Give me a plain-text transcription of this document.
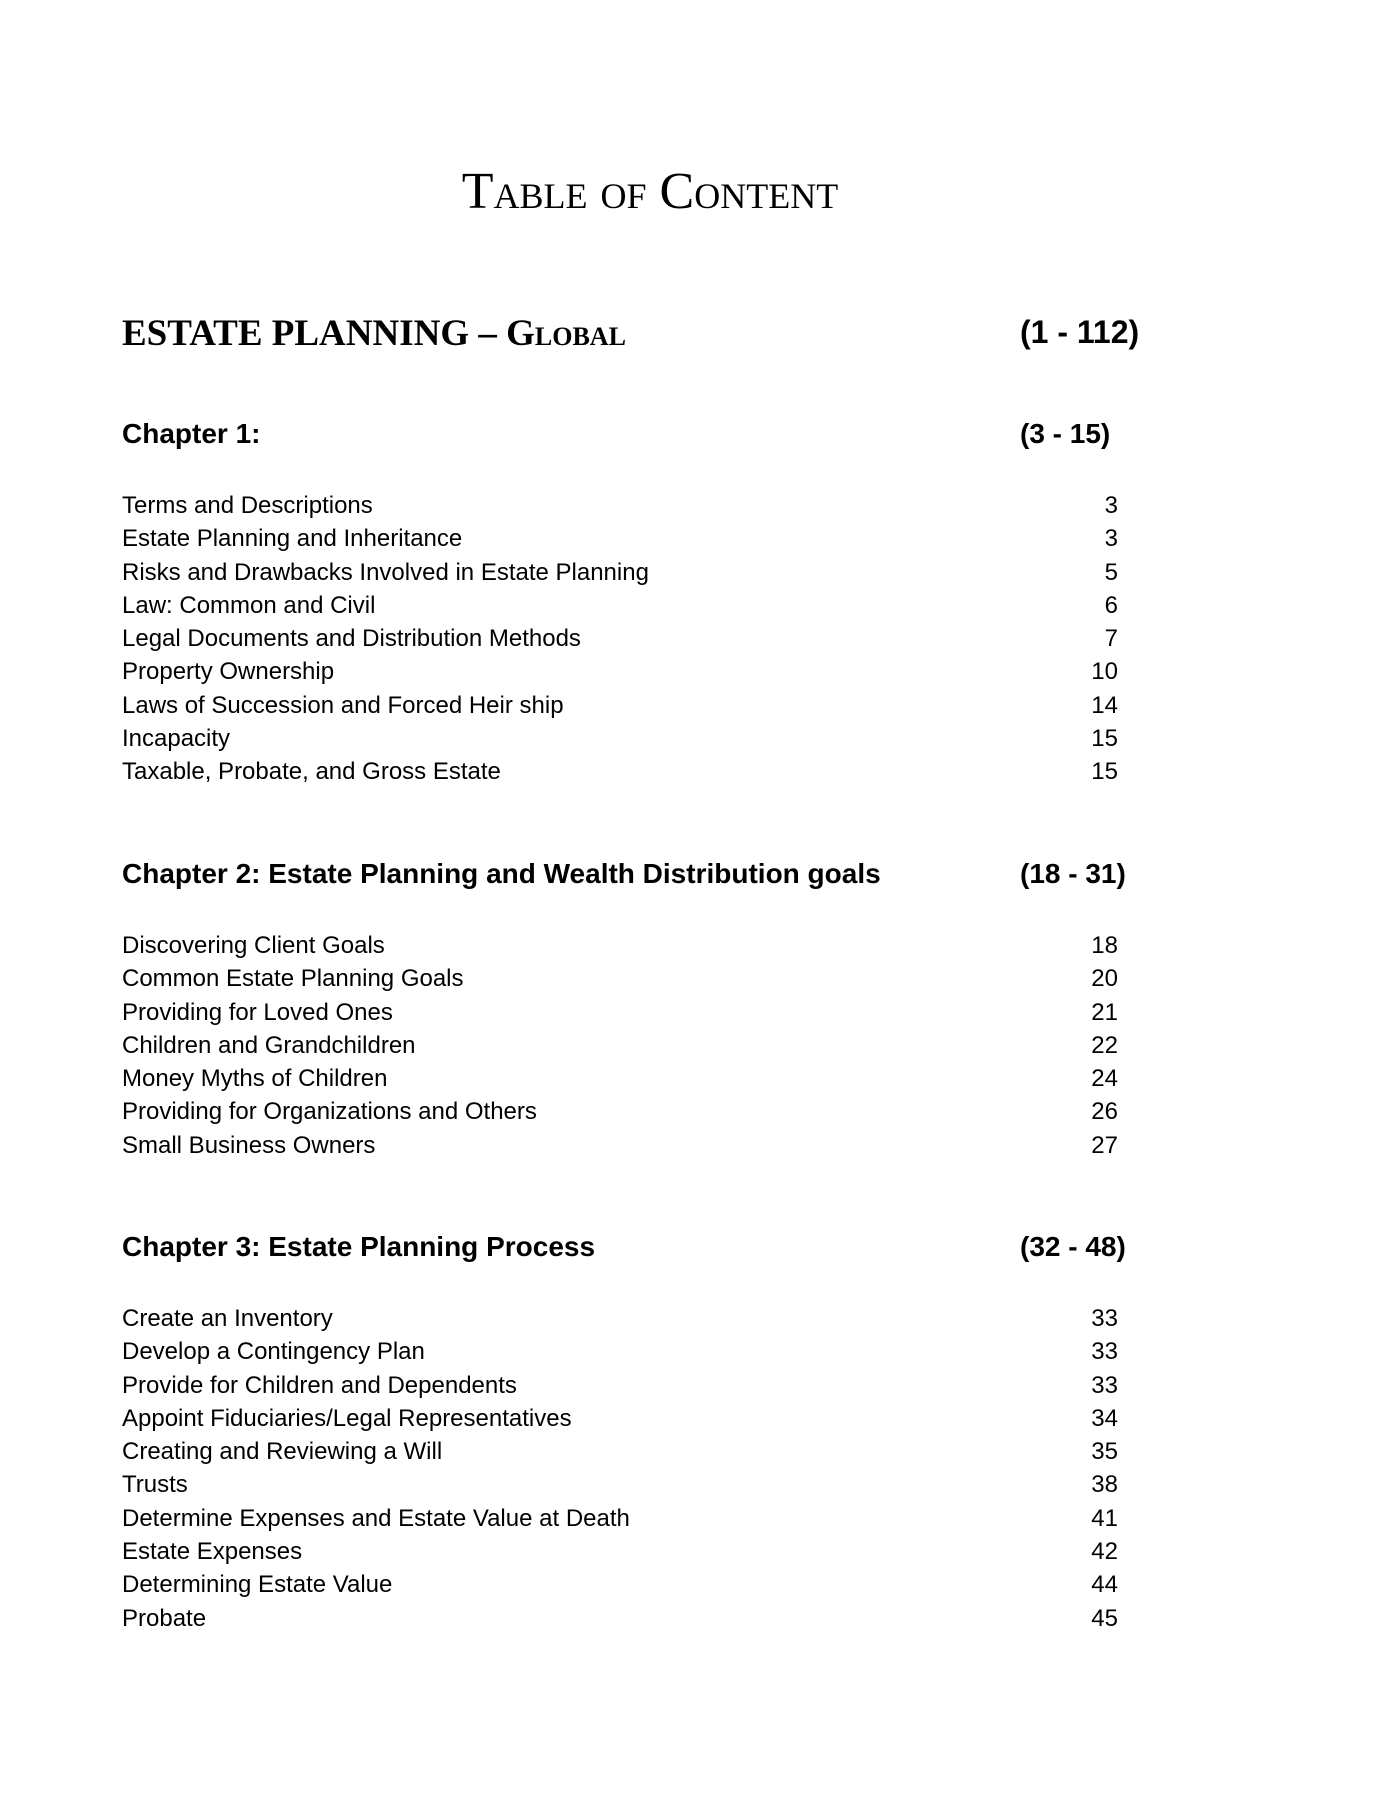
Table of Content
ESTATE PLANNING – Global	(1 - 112)
Chapter 1:	(3 - 15)
Terms and Descriptions	3
Estate Planning and Inheritance	3
Risks and Drawbacks Involved in Estate Planning	5
Law: Common and Civil	6
Legal Documents and Distribution Methods	7
Property Ownership	10
Laws of Succession and Forced Heir ship	14
Incapacity	15
Taxable, Probate, and Gross Estate	15
Chapter 2: Estate Planning and Wealth Distribution goals	(18 - 31)
Discovering Client Goals	18
Common Estate Planning Goals	20
Providing for Loved Ones	21
Children and Grandchildren	22
Money Myths of Children	24
Providing for Organizations and Others	26
Small Business Owners	27
Chapter 3: Estate Planning Process	(32 - 48)
Create an Inventory	33
Develop a Contingency Plan	33
Provide for Children and Dependents	33
Appoint Fiduciaries/Legal Representatives	34
Creating and Reviewing a Will	35
Trusts	38
Determine Expenses and Estate Value at Death	41
Estate Expenses	42
Determining Estate Value	44
Probate	45
